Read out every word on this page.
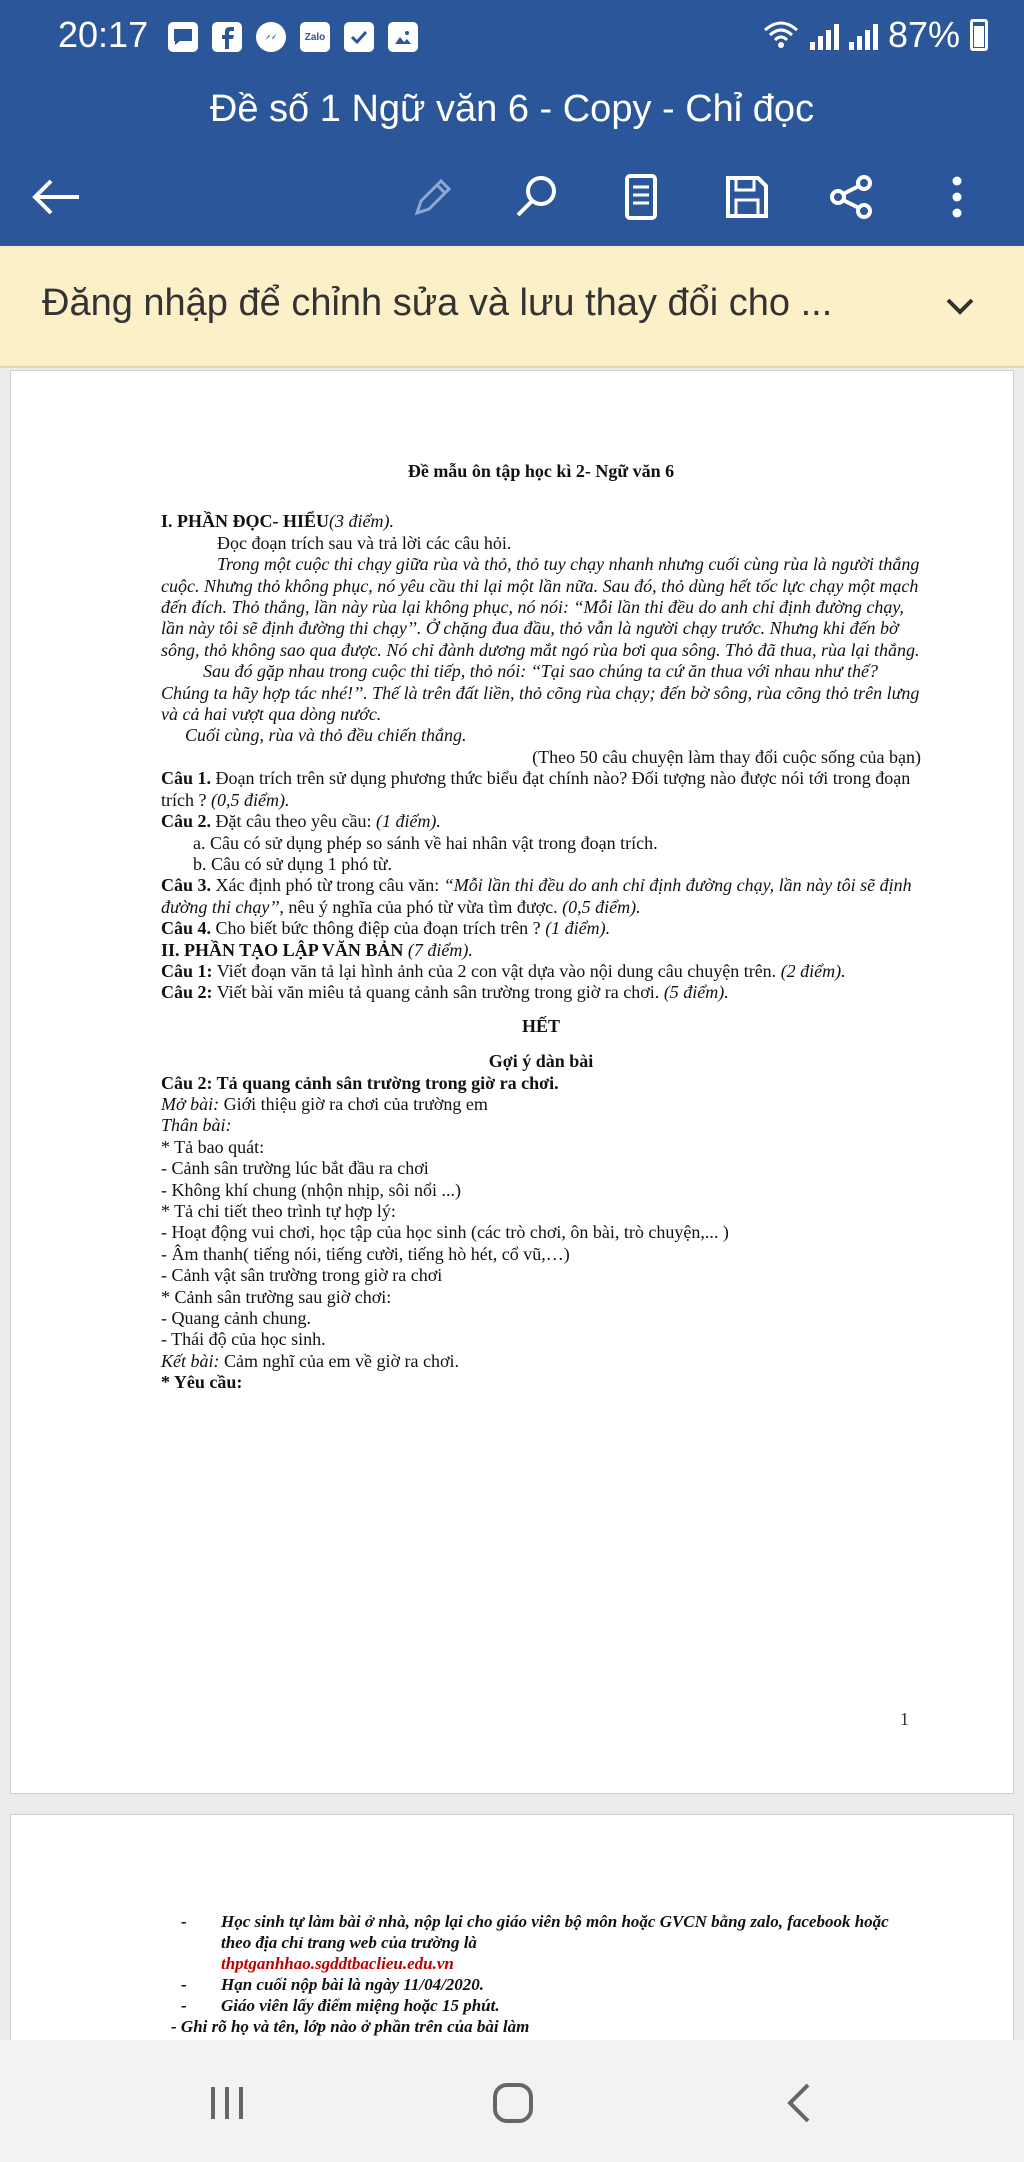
20:17	Zalo	87%
Đề số 1 Ngữ văn 6 - Copy - Chỉ đọc
Đăng nhập để chỉnh sửa và lưu thay đổi cho ...

Đề mẫu ôn tập học kì 2- Ngữ văn 6

I. PHẦN ĐỌC- HIỂU(3 điểm).

Đọc đoạn trích sau và trả lời các câu hỏi.

Trong một cuộc thi chạy giữa rùa và thỏ, thỏ tuy chạy nhanh nhưng cuối cùng rùa là người thắng cuộc. Nhưng thỏ không phục, nó yêu cầu thi lại một lần nữa. Sau đó, thỏ dùng hết tốc lực chạy một mạch đến đích. Thỏ thắng, lần này rùa lại không phục, nó nói: “Mỗi lần thi đều do anh chỉ định đường chạy, lần này tôi sẽ định đường thi chạy’’. Ở chặng đua đầu, thỏ vẫn là người chạy trước. Nhưng khi đến bờ sông, thỏ không sao qua được. Nó chỉ đành dương mắt ngó rùa bơi qua sông. Thỏ đã thua, rùa lại thắng.

Sau đó gặp nhau trong cuộc thi tiếp, thỏ nói: ‘‘Tại sao chúng ta cứ ăn thua với nhau như thế? Chúng ta hãy hợp tác nhé!’’. Thế là trên đất liền, thỏ cõng rùa chạy; đến bờ sông, rùa cõng thỏ trên lưng và cả hai vượt qua dòng nước.

Cuối cùng, rùa và thỏ đều chiến thắng.

(Theo 50 câu chuyện làm thay đổi cuộc sống của bạn)

Câu 1. Đoạn trích trên sử dụng phương thức biểu đạt chính nào? Đối tượng nào được nói tới trong đoạn trích ? (0,5 điểm).

Câu 2. Đặt câu theo yêu cầu: (1 điểm).

a. Câu có sử dụng phép so sánh về hai nhân vật trong đoạn trích.

b. Câu có sử dụng 1 phó từ.

Câu 3. Xác định phó từ trong câu văn: “Mỗi lần thi đều do anh chỉ định đường chạy, lần này tôi sẽ định đường thi chạy’’, nêu ý nghĩa của phó từ vừa tìm được. (0,5 điểm).

Câu 4. Cho biết bức thông điệp của đoạn trích trên ? (1 điểm).

II. PHẦN TẠO LẬP VĂN BẢN (7 điểm).

Câu 1: Viết đoạn văn tả lại hình ảnh của 2 con vật dựa vào nội dung câu chuyện trên. (2 điểm).

Câu 2: Viết bài văn miêu tả quang cảnh sân trường trong giờ ra chơi. (5 điểm).

HẾT

Gợi ý dàn bài

Câu 2: Tả quang cảnh sân trường trong giờ ra chơi.

Mở bài: Giới thiệu giờ ra chơi của trường em

Thân bài:

* Tả bao quát:

- Cảnh sân trường lúc bắt đầu ra chơi

- Không khí chung (nhộn nhịp, sôi nổi ...)

* Tả chi tiết theo trình tự hợp lý:

- Hoạt động vui chơi, học tập của học sinh (các trò chơi, ôn bài, trò chuyện,... )

- Âm thanh( tiếng nói, tiếng cười, tiếng hò hét, cổ vũ,…)

- Cảnh vật sân trường trong giờ ra chơi

* Cảnh sân trường sau giờ chơi:

- Quang cảnh chung.

- Thái độ của học sinh.

Kết bài: Cảm nghĩ của em về giờ ra chơi.

* Yêu cầu:

1

- Học sinh tự làm bài ở nhà, nộp lại cho giáo viên bộ môn hoặc GVCN bằng zalo, facebook hoặc theo địa chỉ trang web của trường là
thptganhhao.sgddtbaclieu.edu.vn

- Hạn cuối nộp bài là ngày 11/04/2020.

- Giáo viên lấy điểm miệng hoặc 15 phút.

- Ghi rõ họ và tên, lớp nào ở phần trên của bài làm
